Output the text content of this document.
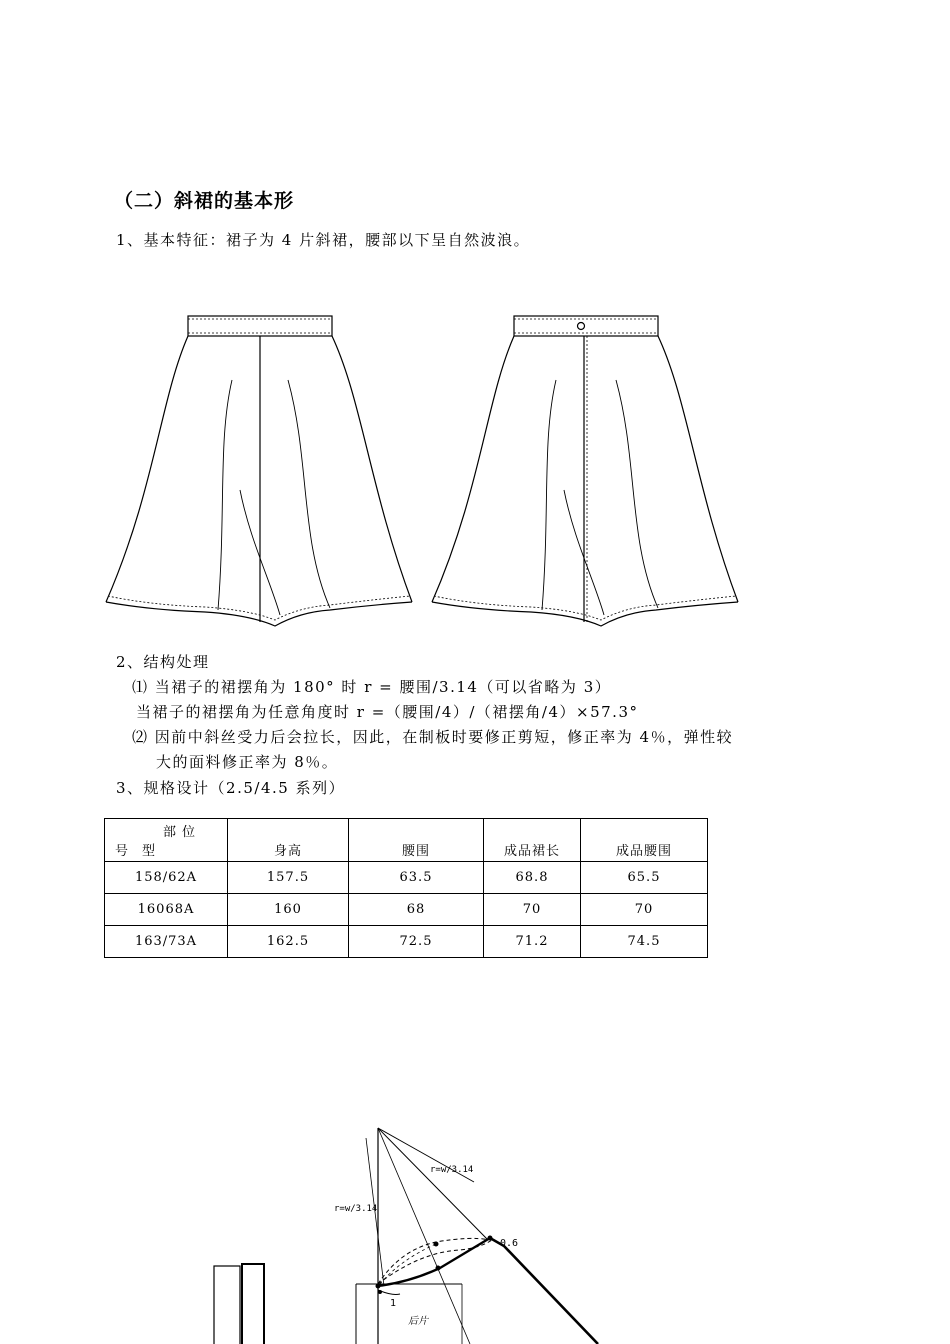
（二）斜裙的基本形
1、基本特征：裙子为 4 片斜裙，腰部以下呈自然波浪。
2、结构处理
⑴ 当裙子的裙摆角为 180° 时 r = 腰围/3.14（可以省略为 3）
当裙子的裙摆角为任意角度时 r =（腰围/4）/（裙摆角/4）×57.3°
⑵ 因前中斜丝受力后会拉长，因此，在制板时要修正剪短，修正率为 4％，弹性较
大的面料修正率为 8％。
3、规格设计（2.5/4.5 系列）
部位
号型	身高	腰围	成品裙长	成品腰围
158/62A	157.5	63.5	68.8	65.5
16068A	160	68	70	70
163/73A	162.5	72.5	71.2	74.5
r=w/3.14
r=w/3.14
0.6
1
后片
